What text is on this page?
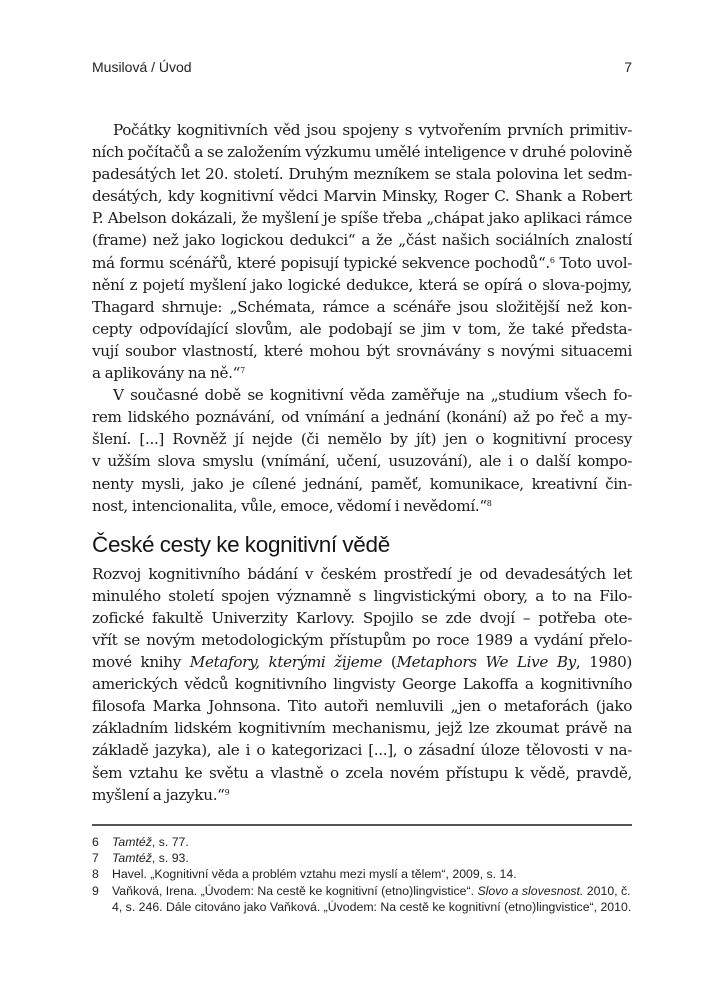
Musilová / Úvod	7

Počátky kognitivních věd jsou spojeny s vytvořením prvních primitiv-
ních počítačů a se založením výzkumu umělé inteligence v druhé polovině
padesátých let 20. století. Druhým mezníkem se stala polovina let sedm-
desátých, kdy kognitivní vědci Marvin Minsky, Roger C. Shank a Robert
P. Abelson dokázali, že myšlení je spíše třeba „chápat jako aplikaci rámce
(frame) než jako logickou dedukci“ a že „část našich sociálních znalostí
má formu scénářů, které popisují typické sekvence pochodů“.$^6$ Toto uvol-
nění z pojetí myšlení jako logické dedukce, která se opírá o slova-pojmy,
Thagard shrnuje: „Schémata, rámce a scénáře jsou složitější než kon-
cepty odpovídající slovům, ale podobají se jim v tom, že také předsta-
vují soubor vlastností, které mohou být srovnávány s novými situacemi
a aplikovány na ně.“$^7$

V současné době se kognitivní věda zaměřuje na „studium všech fo-
rem lidského poznávání, od vnímání a jednání (konání) až po řeč a my-
šlení. [...] Rovněž jí nejde (či nemělo by jít) jen o kognitivní procesy
v užším slova smyslu (vnímání, učení, usuzování), ale i o další kompo-
nenty mysli, jako je cílené jednání, paměť, komunikace, kreativní čin-
nost, intencionalita, vůle, emoce, vědomí i nevědomí.“$^8$

České cesty ke kognitivní vědě

Rozvoj kognitivního bádání v českém prostředí je od devadesátých let
minulého století spojen významně s lingvistickými obory, a to na Filo-
zofické fakultě Univerzity Karlovy. Spojilo se zde dvojí – potřeba ote-
vřít se novým metodologickým přístupům po roce 1989 a vydání přelo-
mové knihy Metafory, kterými žijeme (Metaphors We Live By, 1980)
amerických vědců kognitivního lingvisty George Lakoffa a kognitivního
filosofa Marka Johnsona. Tito autoři nemluvili „jen o metaforách (jako
základním lidském kognitivním mechanismu, jejž lze zkoumat právě na
základě jazyka), ale i o kategorizaci [...], o zásadní úloze tělovosti v na-
šem vztahu ke světu a vlastně o zcela novém přístupu k vědě, pravdě,
myšlení a jazyku.“$^9$

6 Tamtéž, s. 77.
7 Tamtéž, s. 93.
8 Havel. „Kognitivní věda a problém vztahu mezi myslí a tělem“, 2009, s. 14.
9 Vaňková, Irena. „Úvodem: Na cestě ke kognitivní (etno)lingvistice“. Slovo a slovesnost. 2010, č. 4, s. 246. Dále citováno jako Vaňková. „Úvodem: Na cestě ke kognitivní (etno)lingvistice“, 2010.
